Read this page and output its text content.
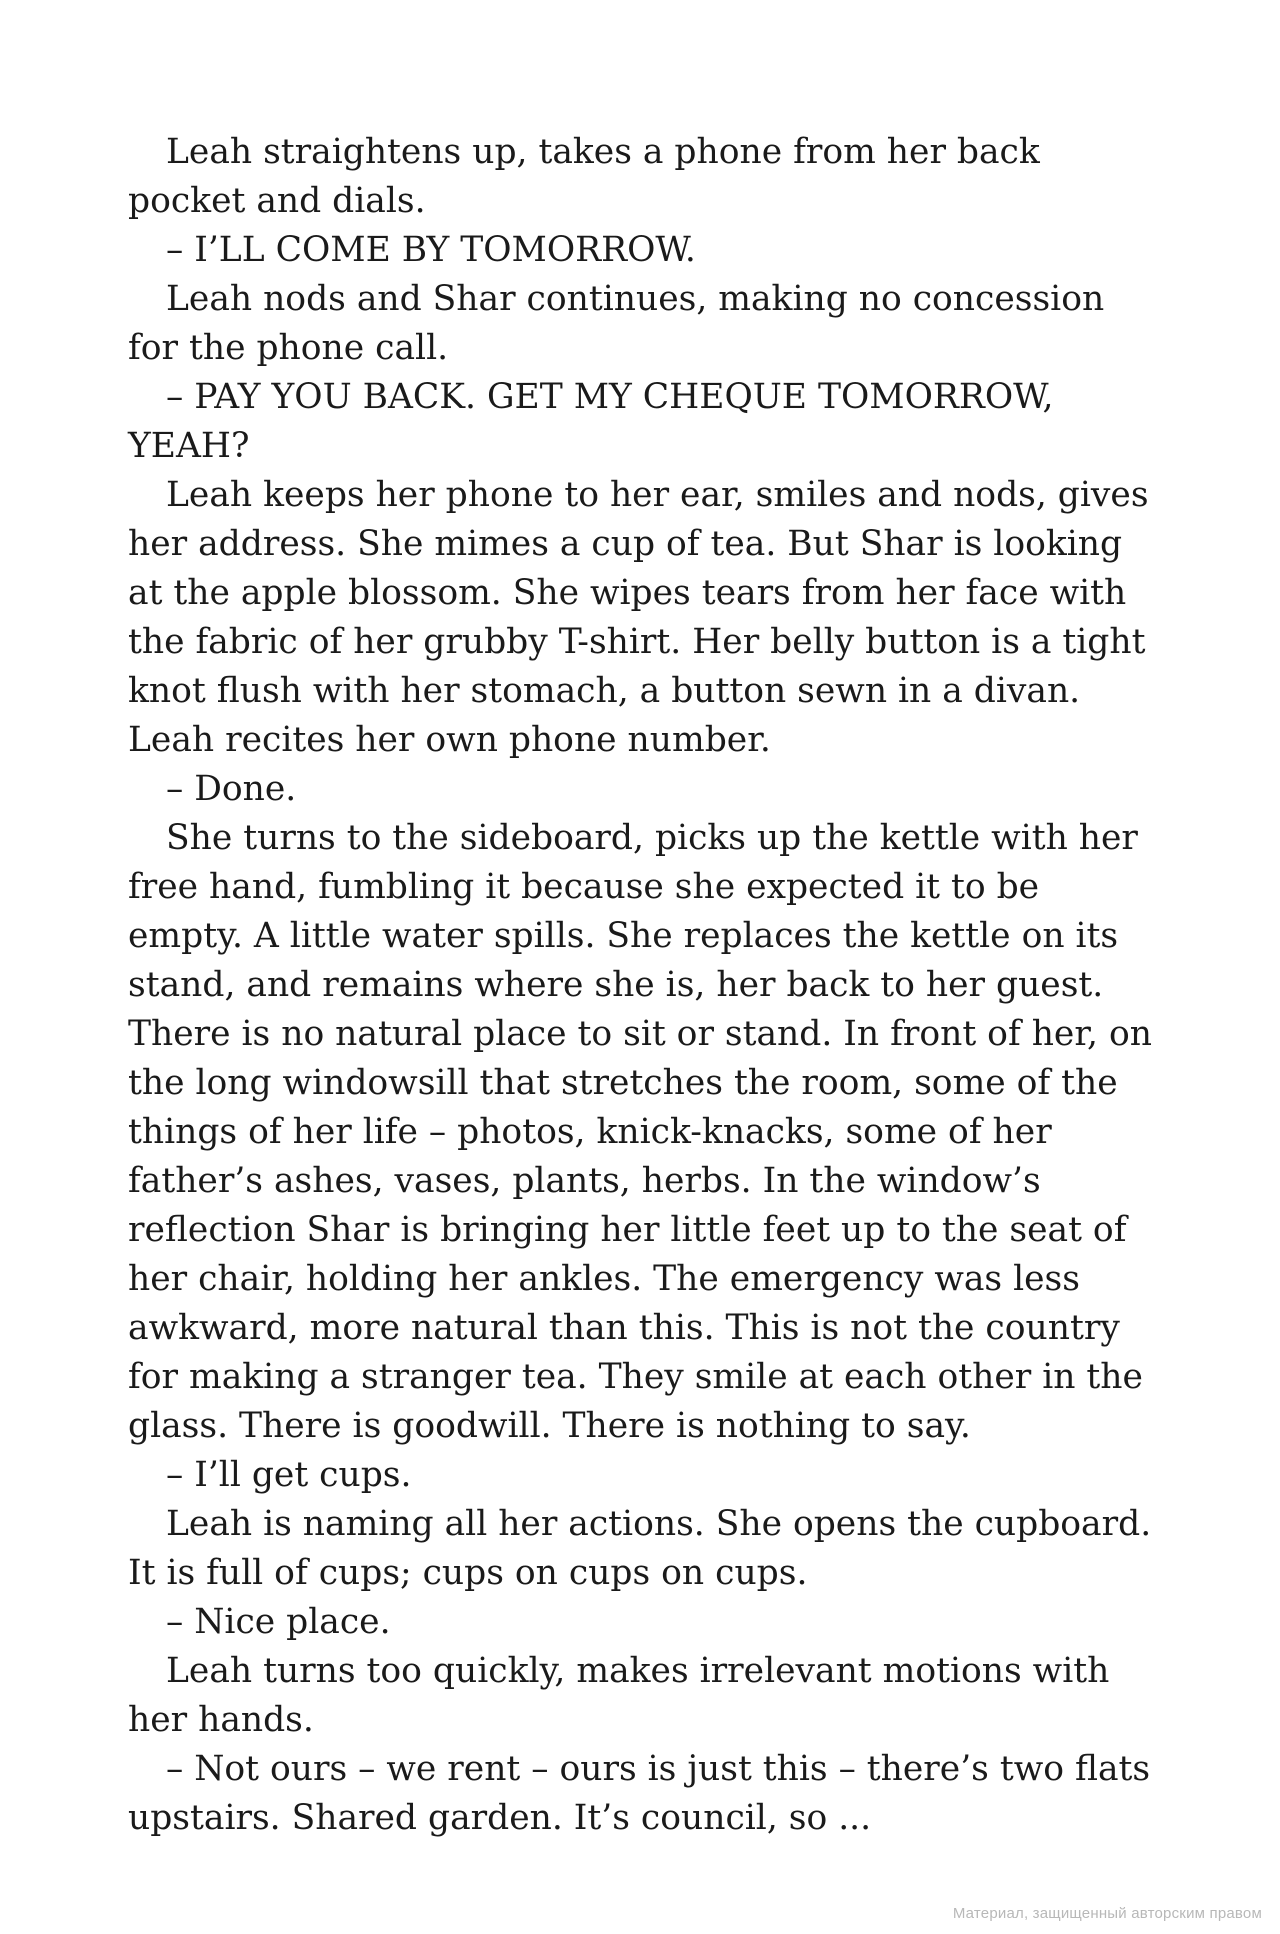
Leah straightens up, takes a phone from her back pocket and dials.

– I’LL COME BY TOMORROW.

Leah nods and Shar continues, making no concession for the phone call.

– PAY YOU BACK. GET MY CHEQUE TOMORROW, YEAH?

Leah keeps her phone to her ear, smiles and nods, gives her address. She mimes a cup of tea. But Shar is looking at the apple blossom. She wipes tears from her face with the fabric of her grubby T-shirt. Her belly button is a tight knot flush with her stomach, a button sewn in a divan. Leah recites her own phone number.

– Done.

She turns to the sideboard, picks up the kettle with her free hand, fumbling it because she expected it to be empty. A little water spills. She replaces the kettle on its stand, and remains where she is, her back to her guest. There is no natural place to sit or stand. In front of her, on the long windowsill that stretches the room, some of the things of her life – photos, knick-knacks, some of her father’s ashes, vases, plants, herbs. In the window’s reflection Shar is bringing her little feet up to the seat of her chair, holding her ankles. The emergency was less awkward, more natural than this. This is not the country for making a stranger tea. They smile at each other in the glass. There is goodwill. There is nothing to say.

– I’ll get cups.

Leah is naming all her actions. She opens the cupboard. It is full of cups; cups on cups on cups.

– Nice place.

Leah turns too quickly, makes irrelevant motions with her hands.

– Not ours – we rent – ours is just this – there’s two flats upstairs. Shared garden. It’s council, so ...

Материал, защищенный авторским правом
